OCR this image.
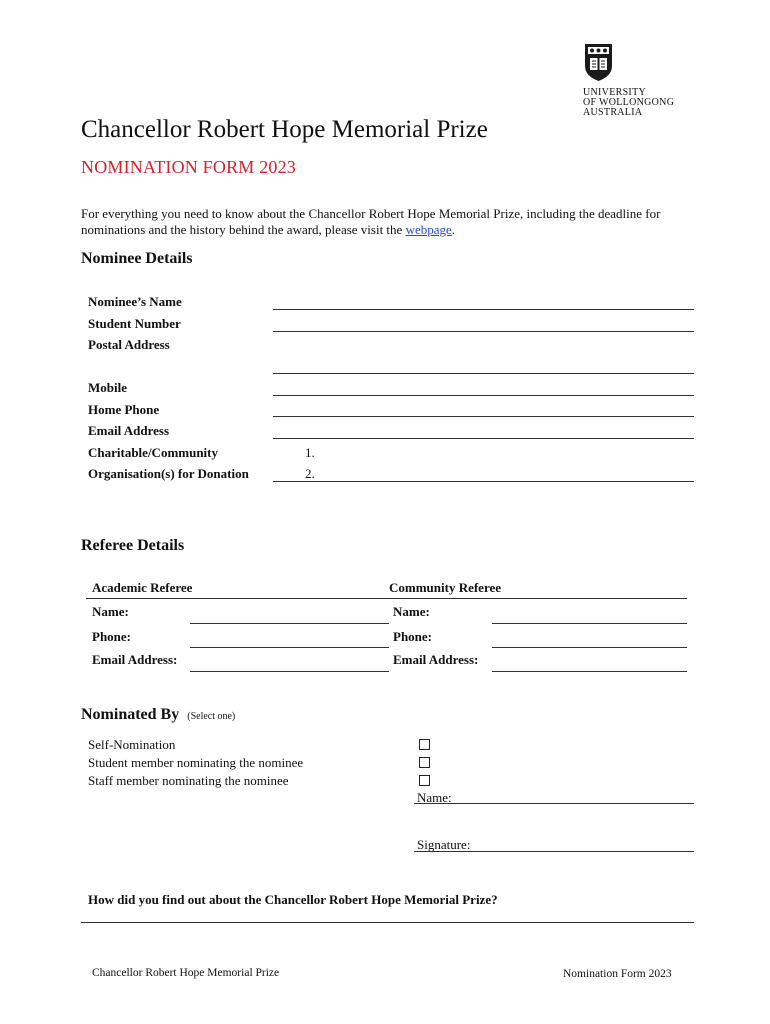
UNIVERSITY
OF WOLLONGONG
AUSTRALIA
Chancellor Robert Hope Memorial Prize
NOMINATION FORM 2023
For everything you need to know about the Chancellor Robert Hope Memorial Prize, including the deadline for nominations and the history behind the award, please visit the webpage.
Nominee Details
Nominee’s Name
Student Number
Postal Address
Mobile
Home Phone
Email Address
Charitable/Community	1.
Organisation(s) for Donation	2.
Referee Details
Academic Referee	Community Referee
Name:	Name:
Phone:	Phone:
Email Address:	Email Address:
Nominated By (Select one)
Self-Nomination
Student member nominating the nominee
Staff member nominating the nominee
Name:
Signature:
How did you find out about the Chancellor Robert Hope Memorial Prize?
Chancellor Robert Hope Memorial Prize	Nomination Form 2023
